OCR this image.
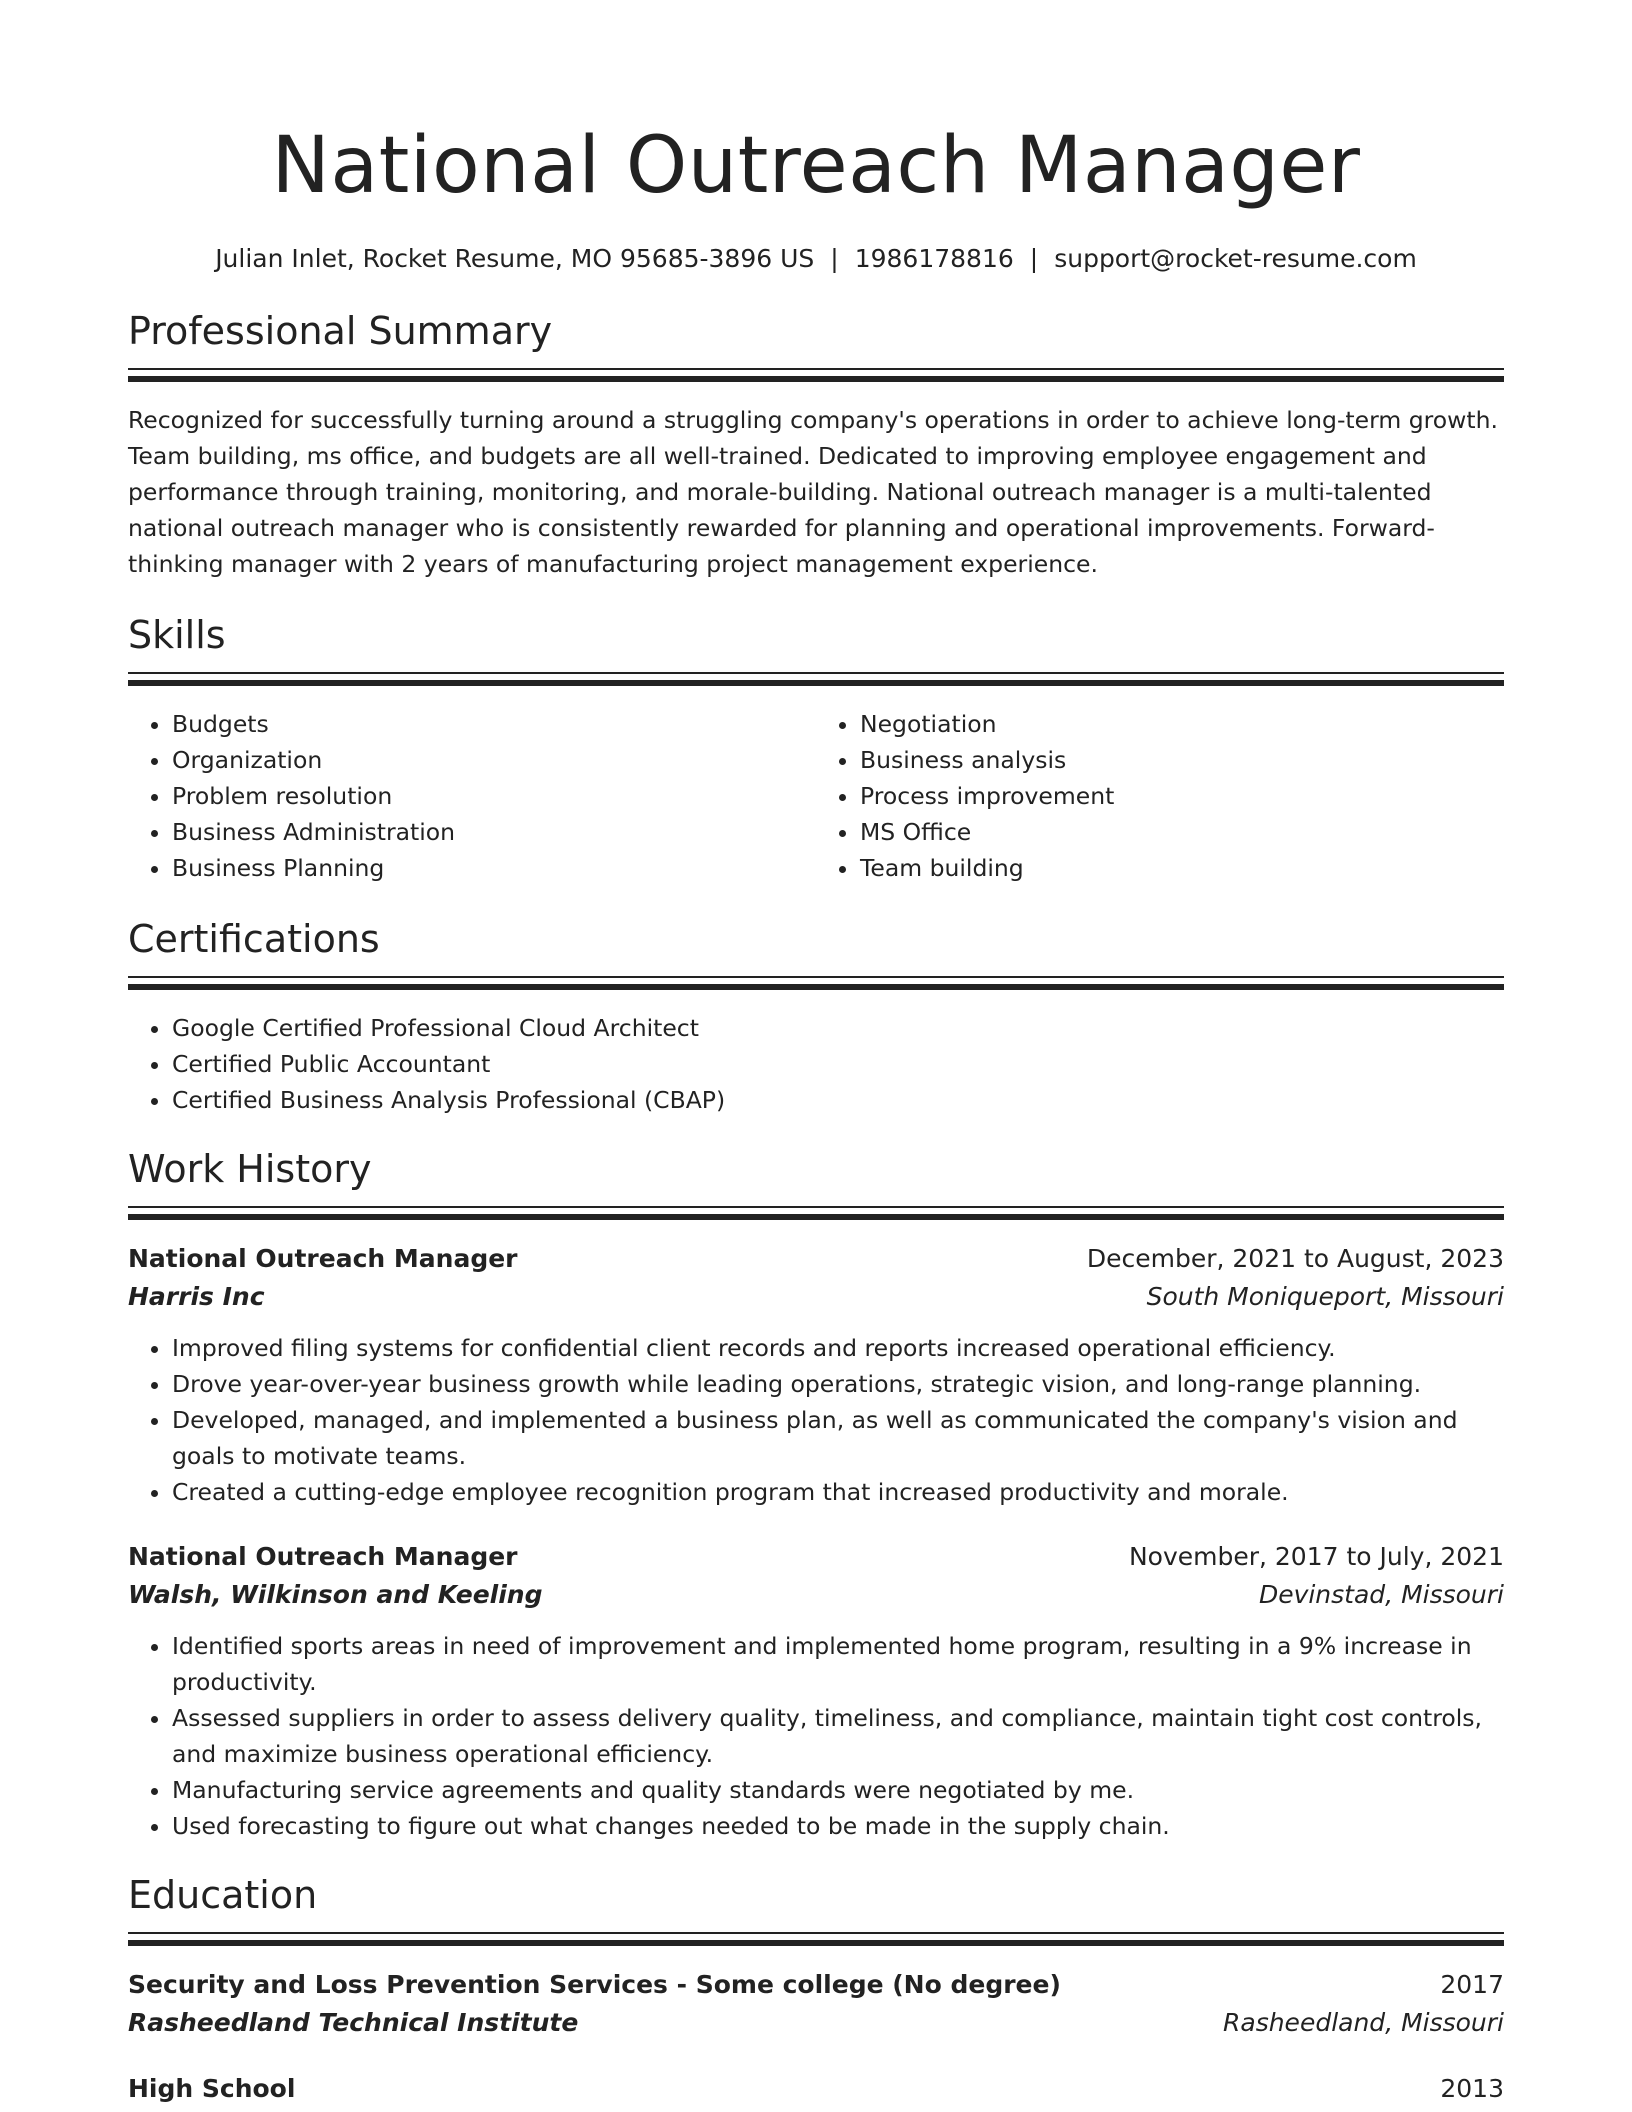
National Outreach Manager
Julian Inlet, Rocket Resume, MO 95685-3896 US | 1986178816 | support@rocket-resume.com
Professional Summary

Recognized for successfully turning around a struggling company's operations in order to achieve long-term growth. Team building, ms office, and budgets are all well-trained. Dedicated to improving employee engagement and performance through training, monitoring, and morale-building. National outreach manager is a multi-talented national outreach manager who is consistently rewarded for planning and operational improvements. Forward-thinking manager with 2 years of manufacturing project management experience.

Skills
• Budgets
• Organization
• Problem resolution
• Business Administration
• Business Planning
• Negotiation
• Business analysis
• Process improvement
• MS Office
• Team building
Certifications
• Google Certified Professional Cloud Architect
• Certified Public Accountant
• Certified Business Analysis Professional (CBAP)
Work History
National Outreach Manager	December, 2021 to August, 2023
Harris Inc	South Moniqueport, Missouri
• Improved filing systems for confidential client records and reports increased operational efficiency.
• Drove year-over-year business growth while leading operations, strategic vision, and long-range planning.
• Developed, managed, and implemented a business plan, as well as communicated the company's vision and goals to motivate teams.
• Created a cutting-edge employee recognition program that increased productivity and morale.
National Outreach Manager	November, 2017 to July, 2021
Walsh, Wilkinson and Keeling	Devinstad, Missouri
• Identified sports areas in need of improvement and implemented home program, resulting in a 9% increase in productivity.
• Assessed suppliers in order to assess delivery quality, timeliness, and compliance, maintain tight cost controls, and maximize business operational efficiency.
• Manufacturing service agreements and quality standards were negotiated by me.
• Used forecasting to figure out what changes needed to be made in the supply chain.
Education
Security and Loss Prevention Services - Some college (No degree)	2017
Rasheedland Technical Institute	Rasheedland, Missouri
High School	2013
